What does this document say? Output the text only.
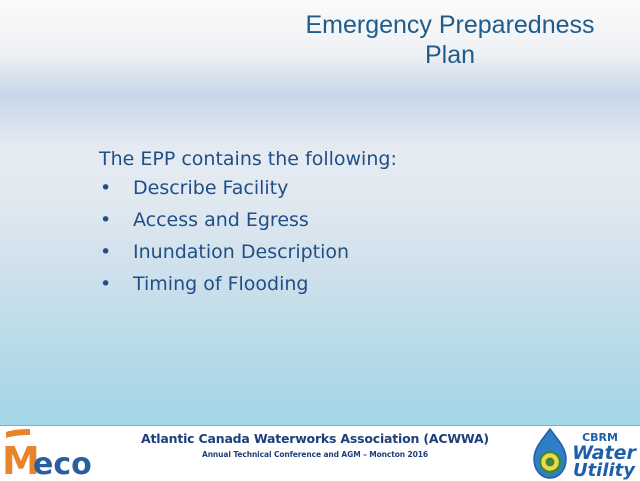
Emergency Preparedness
Plan
The EPP contains the following:
• Describe Facility
• Access and Egress
• Inundation Description
• Timing of Flooding
M
eco
Atlantic Canada Waterworks Association (ACWWA)
Annual Technical Conference and AGM – Moncton 2016
CBRM
Water
Utility
